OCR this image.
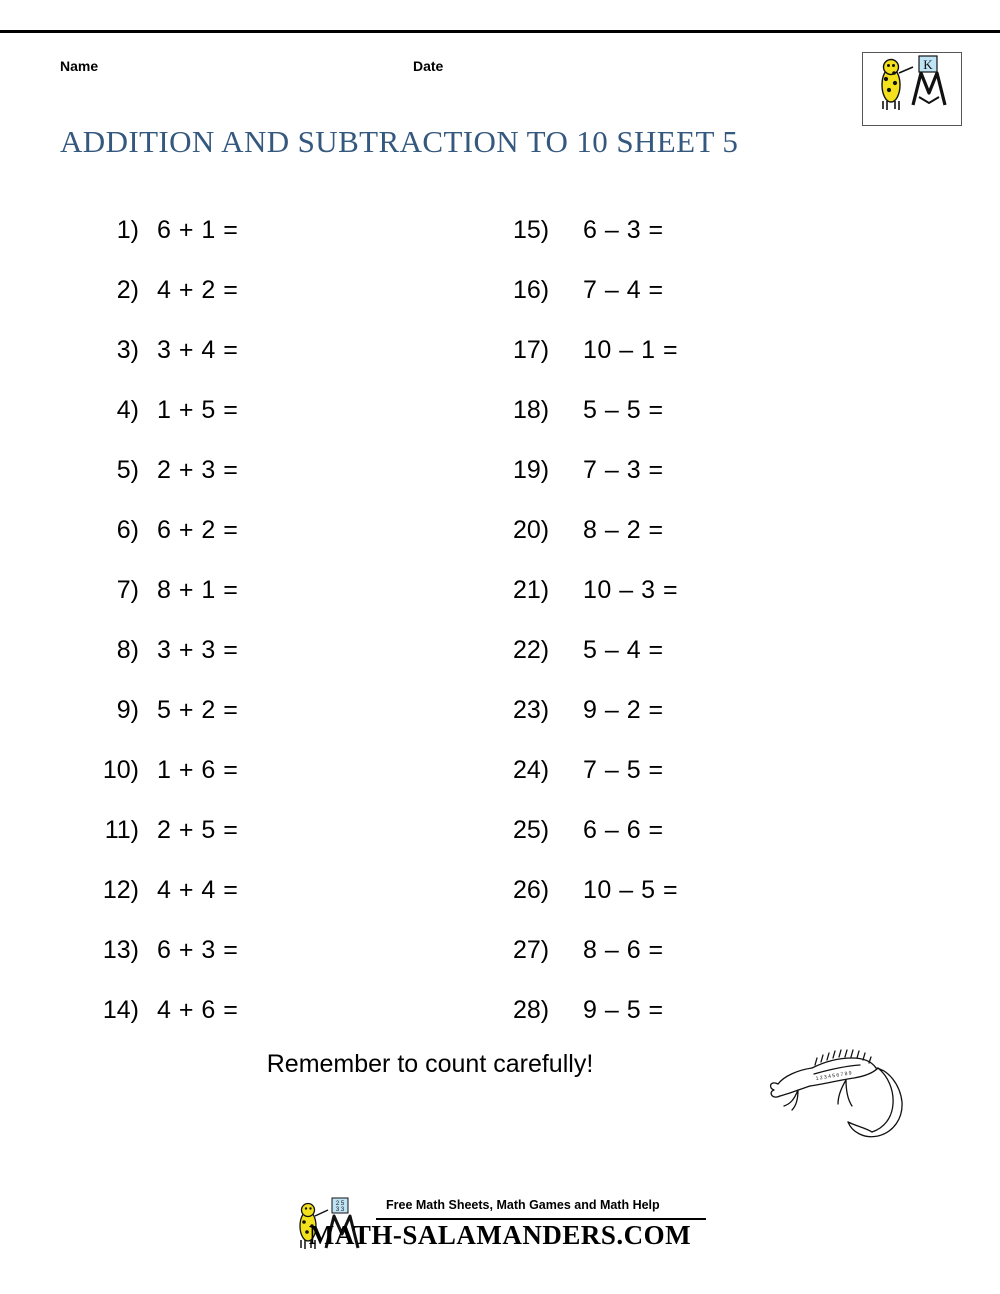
Name	Date	K
ADDITION AND SUBTRACTION TO 10 SHEET 5
1) 6 + 1 =
2) 4 + 2 =
3) 3 + 4 =
4) 1 + 5 =
5) 2 + 3 =
6) 6 + 2 =
7) 8 + 1 =
8) 3 + 3 =
9) 5 + 2 =
10) 1 + 6 =
11) 2 + 5 =
12) 4 + 4 =
13) 6 + 3 =
14) 4 + 6 =
15) 6 – 3 =
16) 7 – 4 =
17) 10 – 1 =
18) 5 – 5 =
19) 7 – 3 =
20) 8 – 2 =
21) 10 – 3 =
22) 5 – 4 =
23) 9 – 2 =
24) 7 – 5 =
25) 6 – 6 =
26) 10 – 5 =
27) 8 – 6 =
28) 9 – 5 =
Remember to count carefully!	1 2 3 4 5 6 7 8 9
2 5
3 3	Free Math Sheets, Math Games and Math Help
MATH-SALAMANDERS.COM
